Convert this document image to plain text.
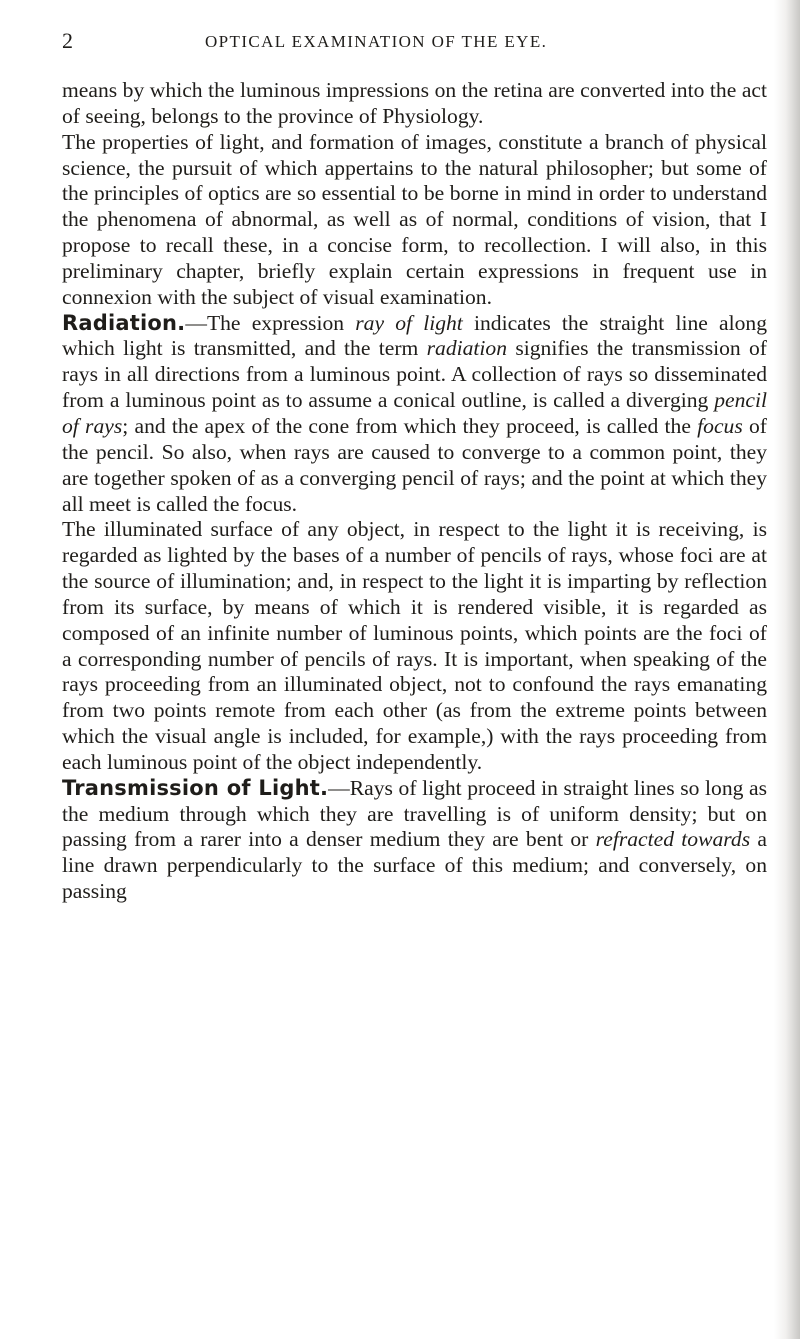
2	OPTICAL EXAMINATION OF THE EYE.

means by which the luminous impressions on the retina are converted into the act of seeing, belongs to the province of Physiology.

The properties of light, and formation of images, constitute a branch of physical science, the pursuit of which appertains to the natural philosopher; but some of the principles of optics are so essential to be borne in mind in order to understand the phenomena of abnormal, as well as of normal, conditions of vision, that I propose to recall these, in a concise form, to recollection. I will also, in this preliminary chapter, briefly explain certain expressions in frequent use in connexion with the subject of visual examination.

Radiation.—The expression ray of light indicates the straight line along which light is transmitted, and the term radiation signifies the transmission of rays in all directions from a luminous point. A collection of rays so disseminated from a luminous point as to assume a conical outline, is called a diverging pencil of rays; and the apex of the cone from which they proceed, is called the focus of the pencil. So also, when rays are caused to converge to a common point, they are together spoken of as a converging pencil of rays; and the point at which they all meet is called the focus.

The illuminated surface of any object, in respect to the light it is receiving, is regarded as lighted by the bases of a number of pencils of rays, whose foci are at the source of illumination; and, in respect to the light it is imparting by reflection from its surface, by means of which it is rendered visible, it is regarded as composed of an infinite number of luminous points, which points are the foci of a corresponding number of pencils of rays. It is important, when speaking of the rays proceeding from an illuminated object, not to confound the rays emanating from two points remote from each other (as from the extreme points between which the visual angle is included, for example,) with the rays proceeding from each luminous point of the object independently.

Transmission of Light.—Rays of light proceed in straight lines so long as the medium through which they are travelling is of uniform density; but on passing from a rarer into a denser medium they are bent or refracted towards a line drawn perpendicularly to the surface of this medium; and conversely, on passing
